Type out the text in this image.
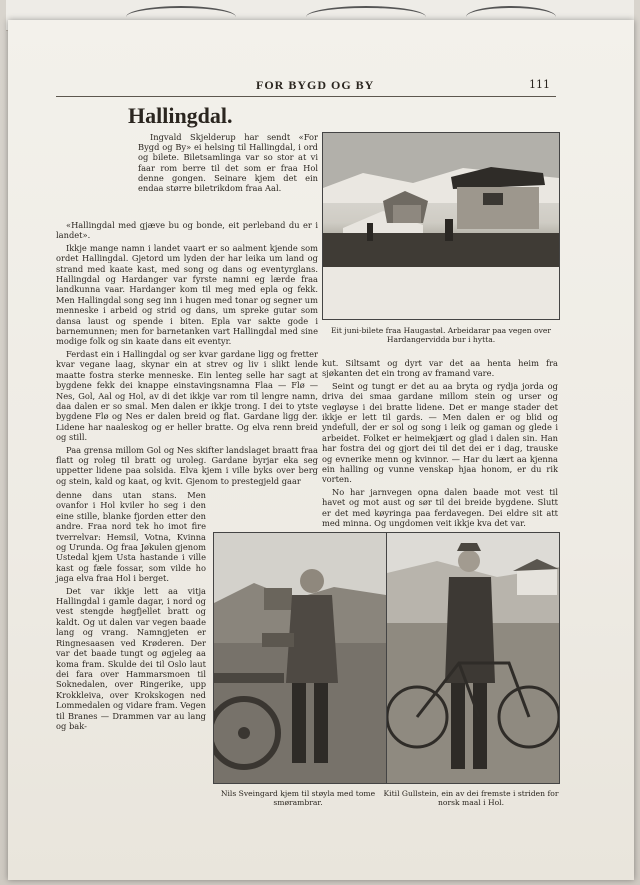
FOR BYGD OG BY	111
Hallingdal.

Ingvald Skjelderup har sendt «For Bygd og By» ei helsing til Hallingdal, i ord og bilete. Biletsamlinga var so stor at vi faar rom berre til det som er fraa Hol denne gongen. Seinare kjem det ein endaa større biletrikdom fraa Aal.

«Hallingdal med gjæve bu og bonde, eit perleband du er i landet».

Ikkje mange namn i landet vaart er so aalment kjende som ordet Hallingdal. Gjetord um lyden der har leika um land og strand med kaate kast, med song og dans og eventyrglans. Hallingdal og Hardanger var fyrste namni eg lærde fraa landkunna vaar. Hardanger kom til meg med epla og fekk. Men Hallingdal song seg inn i hugen med tonar og segner um menneske i arbeid og strid og dans, um spreke gutar som dansa laust og spende i biten. Epla var sakte gode i barnemunnen; men for barnetanken vart Hallingdal med sine modige folk og sin kaate dans eit eventyr.

Ferdast ein i Hallingdal og ser kvar gardane ligg og fretter kvar vegane laag, skynar ein at strev og liv i slikt lende maatte fostra sterke menneske. Ein lenteg selle har sagt at bygdene fekk dei knappe einstavingsnamna Flaa — Flø — Nes, Gol, Aal og Hol, av di det ikkje var rom til lengre namn, daa dalen er so smal. Men dalen er ikkje trong. I dei to ytste bygdene Flø og Nes er dalen breid og flat. Gardane ligg der. Lidene har naaleskog og er heller bratte. Og elva renn breid og still.

Paa grensa millom Gol og Nes skifter landslaget braatt fraa flatt og roleg til bratt og uroleg. Gardane byrjar eka seg uppetter lidene paa solsida. Elva kjem i ville byks over berg og stein, kald og kaat, og kvit. Gjenom to prestegjeld gaar

denne dans utan stans. Men ovanfor i Hol kviler ho seg i den eine stille, blanke fjorden etter den andre. Fraa nord tek ho imot fire tverrelvar: Hemsil, Votna, Kvinna og Urunda. Og fraa Jøkulen gjenom Ustedal kjem Usta hastande i ville kast og fæle fossar, som vilde ho jaga elva fraa Hol i berget.

Det var ikkje lett aa vitja Hallingdal i gamle dagar, i nord og vest stengde høgfjellet bratt og kaldt. Og ut dalen var vegen baade lang og vrang. Namngjeten er Ringnesaasen ved Krøderen. Der var det baade tungt og øgjeleg aa koma fram. Skulde dei til Oslo laut dei fara over Hammarsmoen til Soknedalen, over Ringerike, upp Krokkleiva, over Krokskogen ned Lommedalen og vidare fram. Vegen til Branes — Drammen var au lang og bak-

kut. Siltsamt og dyrt var det aa henta heim fra sjøkanten det ein trong av framand vare.

Seint og tungt er det au aa bryta og rydja jorda og driva dei smaa gardane millom stein og urser og vegløyse i dei bratte lidene. Det er mange stader det ikkje er lett til gards. — Men dalen er og blid og yndefull, der er sol og song i leik og gaman og glede i arbeidet. Folket er heimekjært og glad i dalen sin. Han har fostra dei og gjort dei til det dei er i dag, trauske og evnerike menn og kvinnor. — Har du lært aa kjenna ein halling og vunne venskap hjaa honom, er du rik vorten.

No har jarnvegen opna dalen baade mot vest til havet og mot aust og sør til dei breide bygdene. Slutt er det med køyringa paa ferdavegen. Dei eldre sit att med minna. Og ungdomen veit ikkje kva det var.

Eit juni-bilete fraa Haugastøl. Arbeidarar paa vegen over Hardangervidda bur i hytta.
Nils Sveingard kjem til støyla med tome smørambrar.
Kitil Gullstein, ein av dei fremste i striden for norsk maal i Hol.
